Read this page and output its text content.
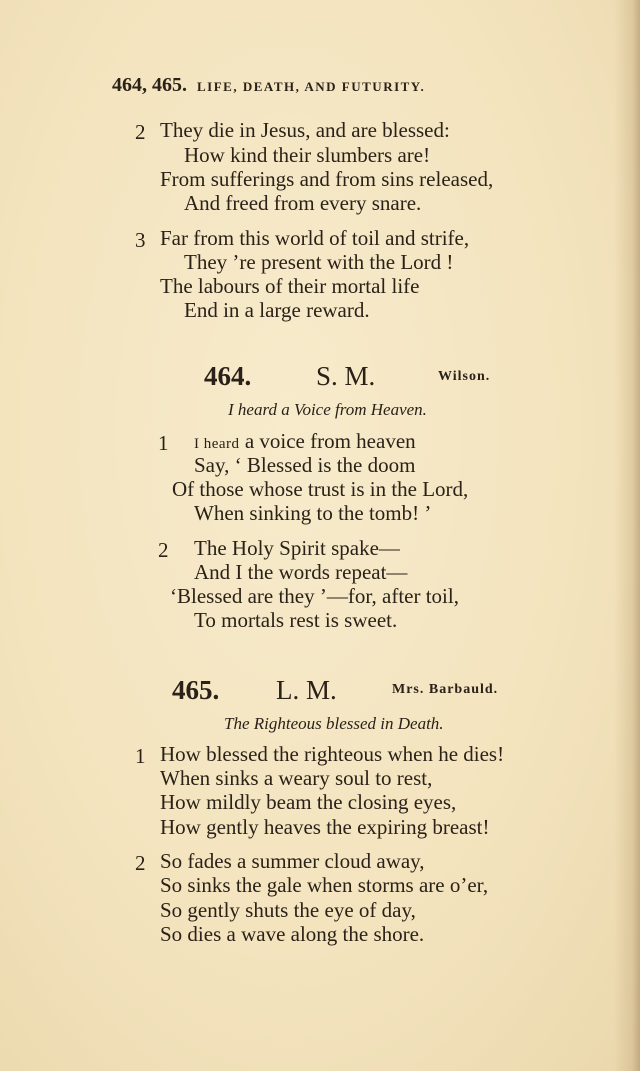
464, 465. LIFE, DEATH, AND FUTURITY.
2 They die in Jesus, and are blessed:
How kind their slumbers are!
From sufferings and from sins released,
And freed from every snare.
3 Far from this world of toil and strife,
They ’re present with the Lord !
The labours of their mortal life
End in a large reward.
464. S. M.	Wilson.
I heard a Voice from Heaven.
1 I heard a voice from heaven
Say, ‘ Blessed is the doom
Of those whose trust is in the Lord,
When sinking to the tomb! ’
2 The Holy Spirit spake—
And I the words repeat—
‘Blessed are they ’—for, after toil,
To mortals rest is sweet.
465. L. M.	Mrs. Barbauld.
The Righteous blessed in Death.
1 How blessed the righteous when he dies!
When sinks a weary soul to rest,
How mildly beam the closing eyes,
How gently heaves the expiring breast!
2 So fades a summer cloud away,
So sinks the gale when storms are o’er,
So gently shuts the eye of day,
So dies a wave along the shore.
